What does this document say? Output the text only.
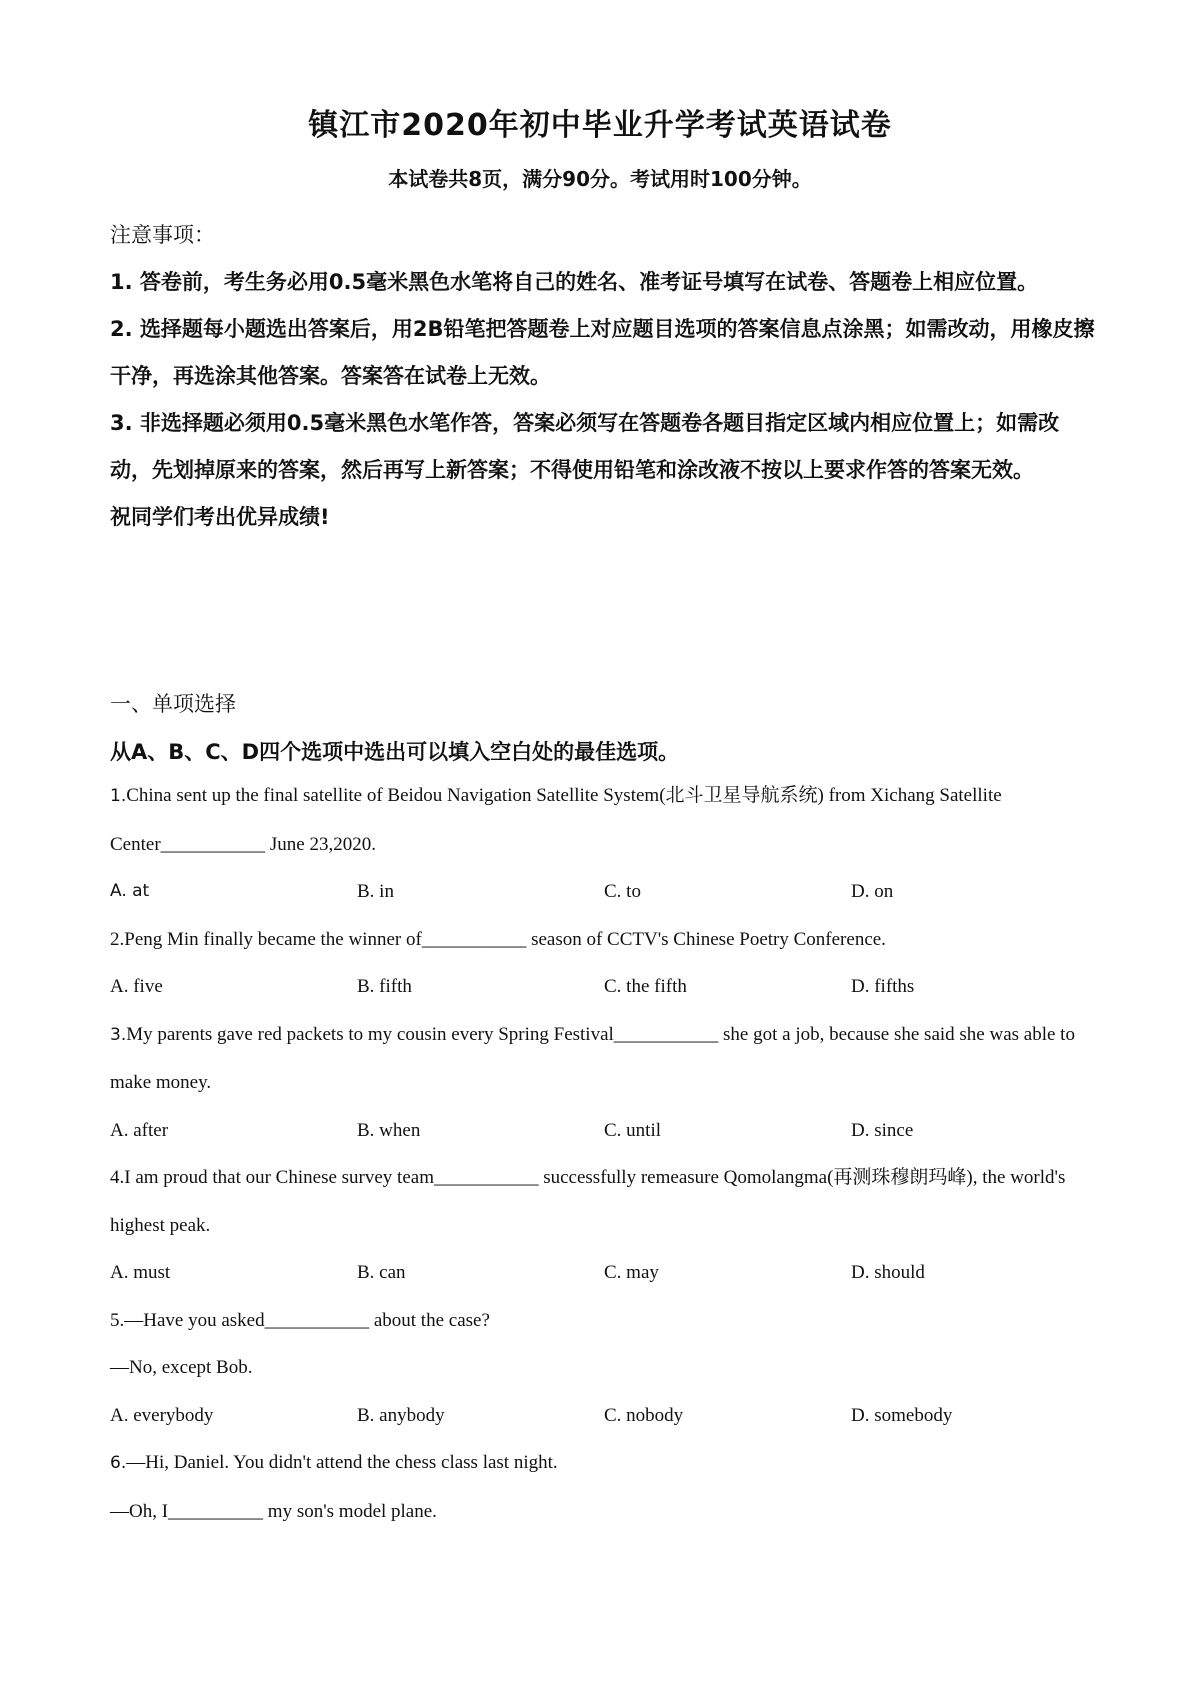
镇江市2020年初中毕业升学考试英语试卷
本试卷共8页，满分90分。考试用时100分钟。
注意事项：
1. 答卷前，考生务必用0.5毫米黑色水笔将自己的姓名、准考证号填写在试卷、答题卷上相应位置。
2. 选择题每小题选出答案后，用2B铅笔把答题卷上对应题目选项的答案信息点涂黑；如需改动，用橡皮擦干净，再选涂其他答案。答案答在试卷上无效。
3. 非选择题必须用0.5毫米黑色水笔作答，答案必须写在答题卷各题目指定区域内相应位置上；如需改动，先划掉原来的答案，然后再写上新答案；不得使用铅笔和涂改液不按以上要求作答的答案无效。
祝同学们考出优异成绩!
一、单项选择
从A、B、C、D四个选项中选出可以填入空白处的最佳选项。
1.China sent up the final satellite of Beidou Navigation Satellite System(北斗卫星导航系统) from Xichang Satellite Center___________ June 23,2020.
A. at	B. in	C. to	D. on
2.Peng Min finally became the winner of___________ season of CCTV's Chinese Poetry Conference.
A. five	B. fifth	C. the fifth	D. fifths
3.My parents gave red packets to my cousin every Spring Festival___________ she got a job, because she said she was able to make money.
A. after	B. when	C. until	D. since
4.I am proud that our Chinese survey team___________ successfully remeasure Qomolangma(再测珠穆朗玛峰), the world's highest peak.
A. must	B. can	C. may	D. should
5.—Have you asked___________ about the case?
—No, except Bob.
A. everybody	B. anybody	C. nobody	D. somebody
6.—Hi, Daniel. You didn't attend the chess class last night.
—Oh, I__________ my son's model plane.
